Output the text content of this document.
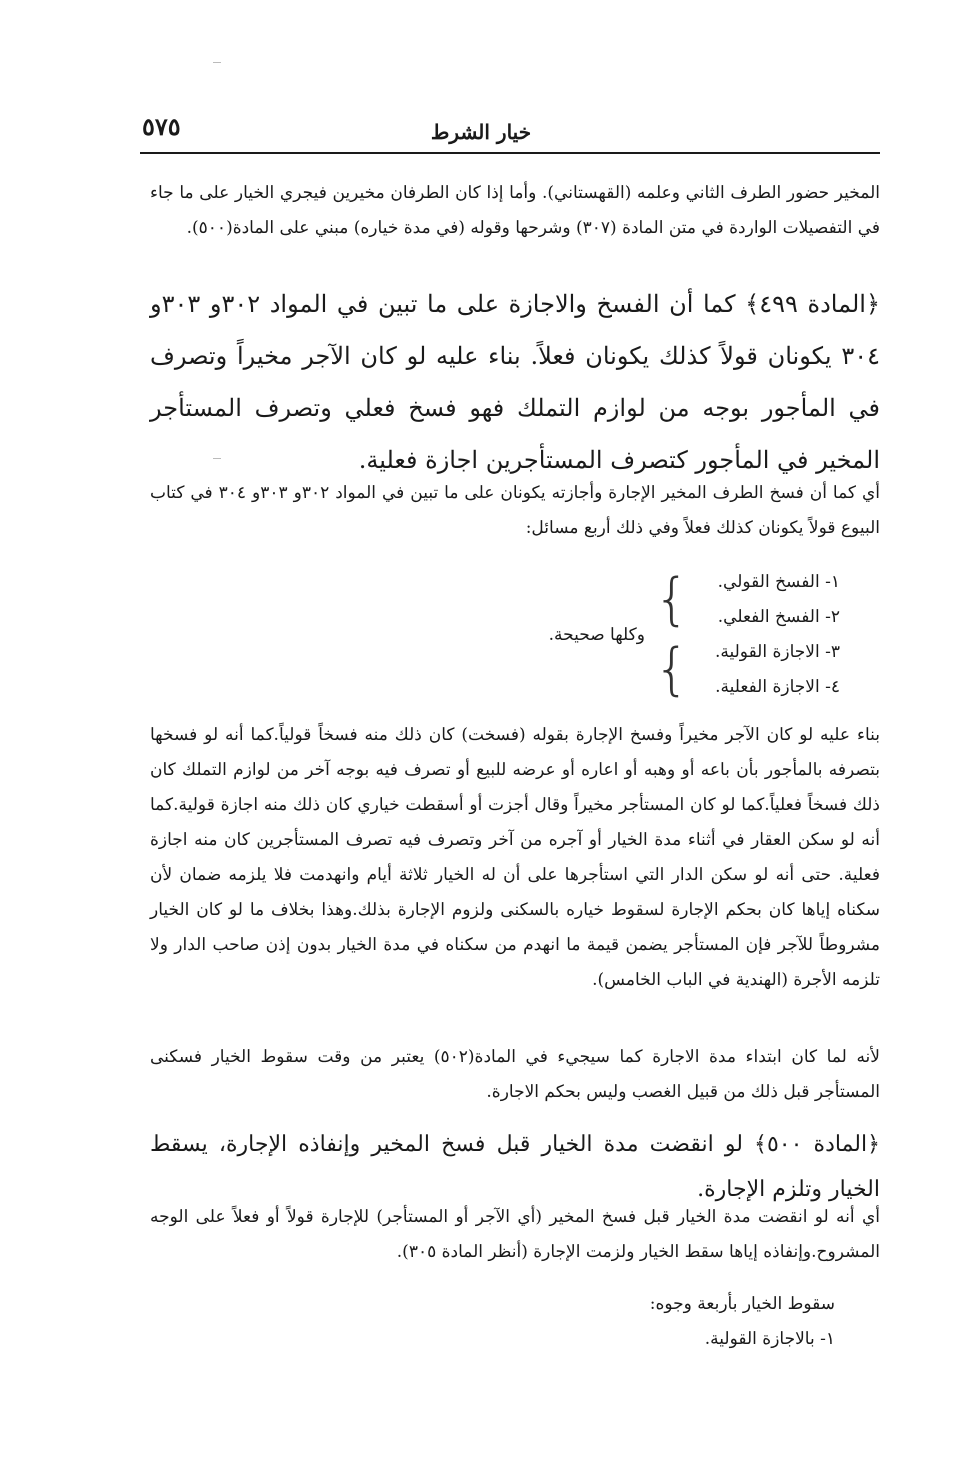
٥٧٥	خيار الشرط

المخير حضور الطرف الثاني وعلمه (القهستاني). وأما إذا كان الطرفان مخيرين فيجري الخيار على ما جاء في التفصيلات الواردة في متن المادة (٣٠٧) وشرحها وقوله (في مدة خياره) مبني على المادة(٥٠٠).

﴿المادة ٤٩٩﴾ كما أن الفسخ والاجازة على ما تبين في المواد ٣٠٢و ٣٠٣و ٣٠٤ يكونان قولاً كذلك يكونان فعلاً. بناء عليه لو كان الآجر مخيراً وتصرف في المأجور بوجه من لوازم التملك فهو فسخ فعلي وتصرف المستأجر المخير في المأجور كتصرف المستأجرين اجازة فعلية.

أي كما أن فسخ الطرف المخير الإجارة وأجازته يكونان على ما تبين في المواد ٣٠٢و ٣٠٣و ٣٠٤ في كتاب البيوع قولاً يكونان كذلك فعلاً وفي ذلك أربع مسائل:

١- الفسخ القولي.
٢- الفسخ الفعلي.
٣- الاجازة القولية.
٤- الاجازة الفعلية.
{
{
وكلها صحيحة.

بناء عليه لو كان الآجر مخيراً وفسخ الإجارة بقوله (فسخت) كان ذلك منه فسخاً قولياً.كما أنه لو فسخها بتصرفه بالمأجور بأن باعه أو وهبه أو اعاره أو عرضه للبيع أو تصرف فيه بوجه آخر من لوازم التملك كان ذلك فسخاً فعلياً.كما لو كان المستأجر مخيراً وقال أجزت أو أسقطت خياري كان ذلك منه اجازة قولية.كما أنه لو سكن العقار في أثناء مدة الخيار أو آجره من آخر وتصرف فيه تصرف المستأجرين كان منه اجازة فعلية. حتى أنه لو سكن الدار التي استأجرها على أن له الخيار ثلاثة أيام وانهدمت فلا يلزمه ضمان لأن سكناه إياها كان بحكم الإجارة لسقوط خياره بالسكنى ولزوم الإجارة بذلك.وهذا بخلاف ما لو كان الخيار مشروطاً للآجر فإن المستأجر يضمن قيمة ما انهدم من سكناه في مدة الخيار بدون إذن صاحب الدار ولا تلزمه الأجرة (الهندية في الباب الخامس).

لأنه لما كان ابتداء مدة الاجارة كما سيجيء في المادة(٥٠٢) يعتبر من وقت سقوط الخيار فسكنى المستأجر قبل ذلك من قبيل الغصب وليس بحكم الاجارة.

﴿المادة ٥٠٠﴾ لو انقضت مدة الخيار قبل فسخ المخير وإنفاذه الإجارة، يسقط الخيار وتلزم الإجارة.

أي أنه لو انقضت مدة الخيار قبل فسخ المخير (أي الآجر أو المستأجر) للإجارة قولاً أو فعلاً على الوجه المشروح.وإنفاذه إياها سقط الخيار ولزمت الإجارة (أنظر المادة ٣٠٥).

سقوط الخيار بأربعة وجوه:

١- بالاجازة القولية.
